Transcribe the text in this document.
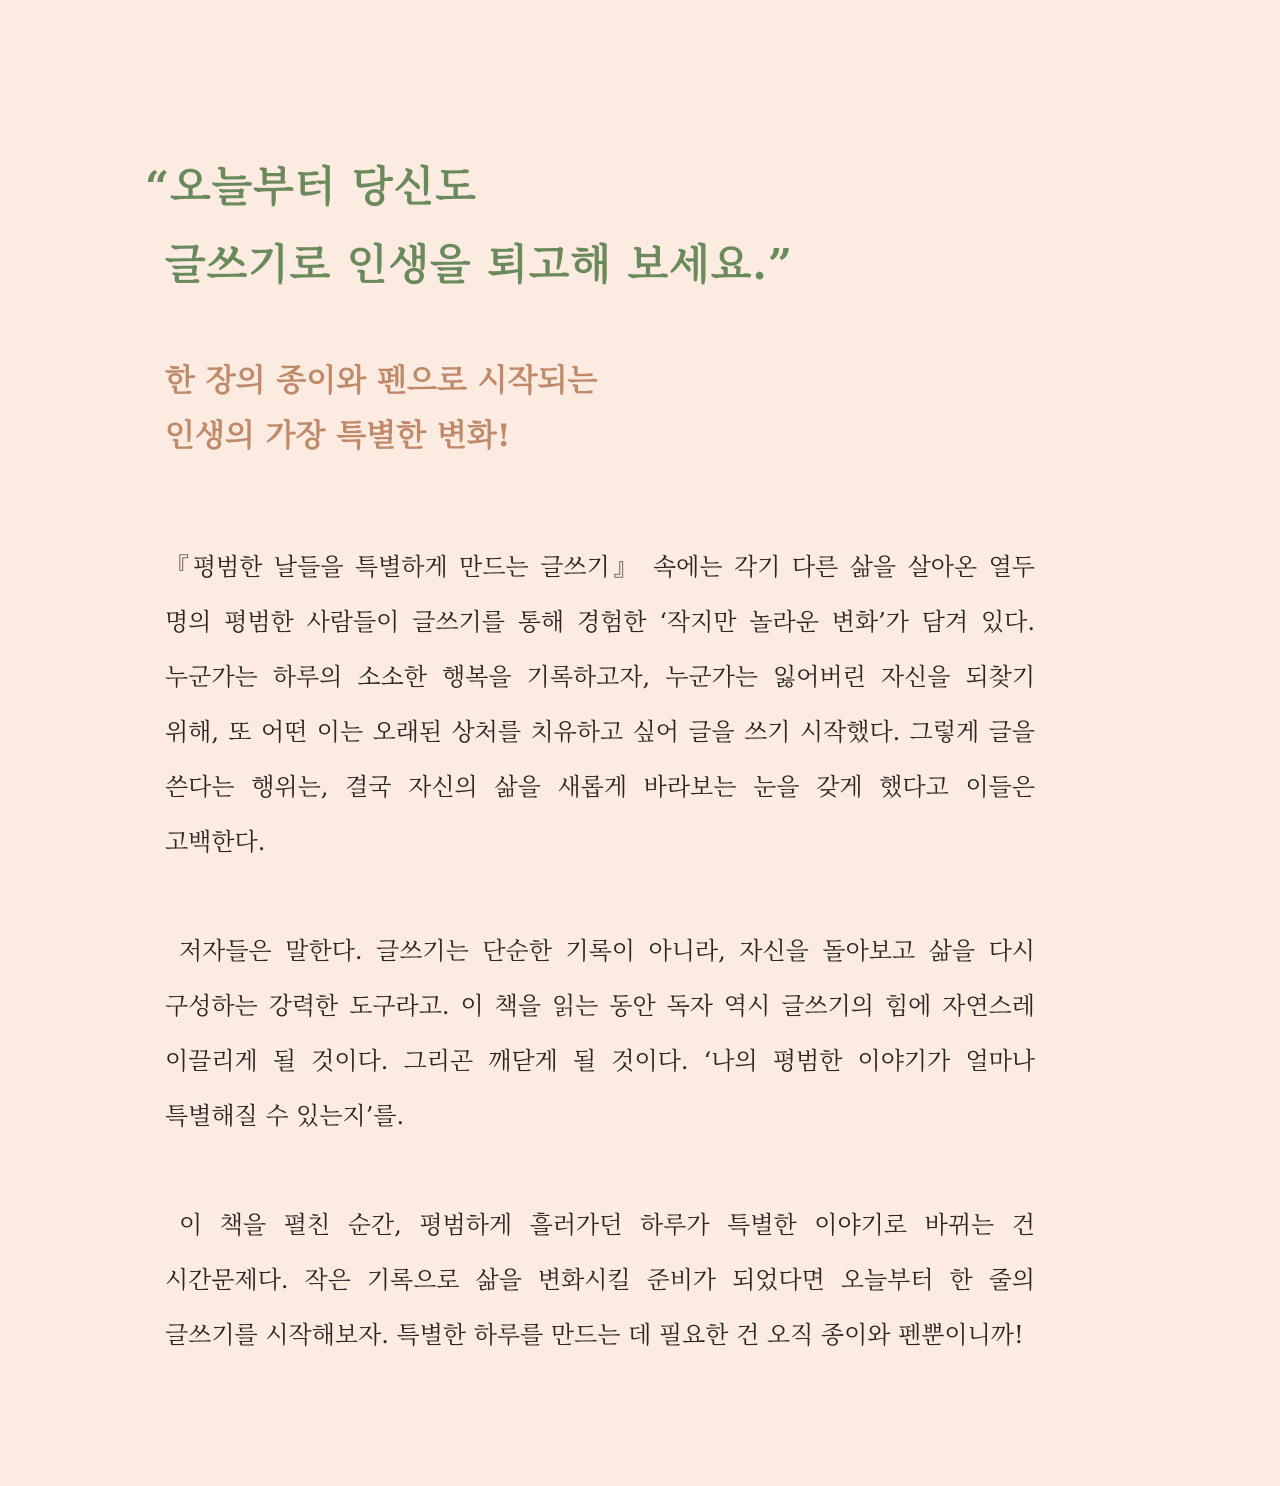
“오늘부터 당신도
글쓰기로 인생을 퇴고해 보세요.”
한 장의 종이와 펜으로 시작되는
인생의 가장 특별한 변화!

『평범한 날들을 특별하게 만드는 글쓰기』 속에는 각기 다른 삶을 살아온 열두 명의 평범한 사람들이 글쓰기를 통해 경험한 ‘작지만 놀라운 변화’가 담겨 있다. 누군가는 하루의 소소한 행복을 기록하고자, 누군가는 잃어버린 자신을 되찾기 위해, 또 어떤 이는 오래된 상처를 치유하고 싶어 글을 쓰기 시작했다. 그렇게 글을 쓴다는 행위는, 결국 자신의 삶을 새롭게 바라보는 눈을 갖게 했다고 이들은 고백한다.

저자들은 말한다. 글쓰기는 단순한 기록이 아니라, 자신을 돌아보고 삶을 다시 구성하는 강력한 도구라고. 이 책을 읽는 동안 독자 역시 글쓰기의 힘에 자연스레 이끌리게 될 것이다. 그리곤 깨닫게 될 것이다. ‘나의 평범한 이야기가 얼마나 특별해질 수 있는지’를.

이 책을 펼친 순간, 평범하게 흘러가던 하루가 특별한 이야기로 바뀌는 건 시간문제다. 작은 기록으로 삶을 변화시킬 준비가 되었다면 오늘부터 한 줄의 글쓰기를 시작해보자. 특별한 하루를 만드는 데 필요한 건 오직 종이와 펜뿐이니까!
